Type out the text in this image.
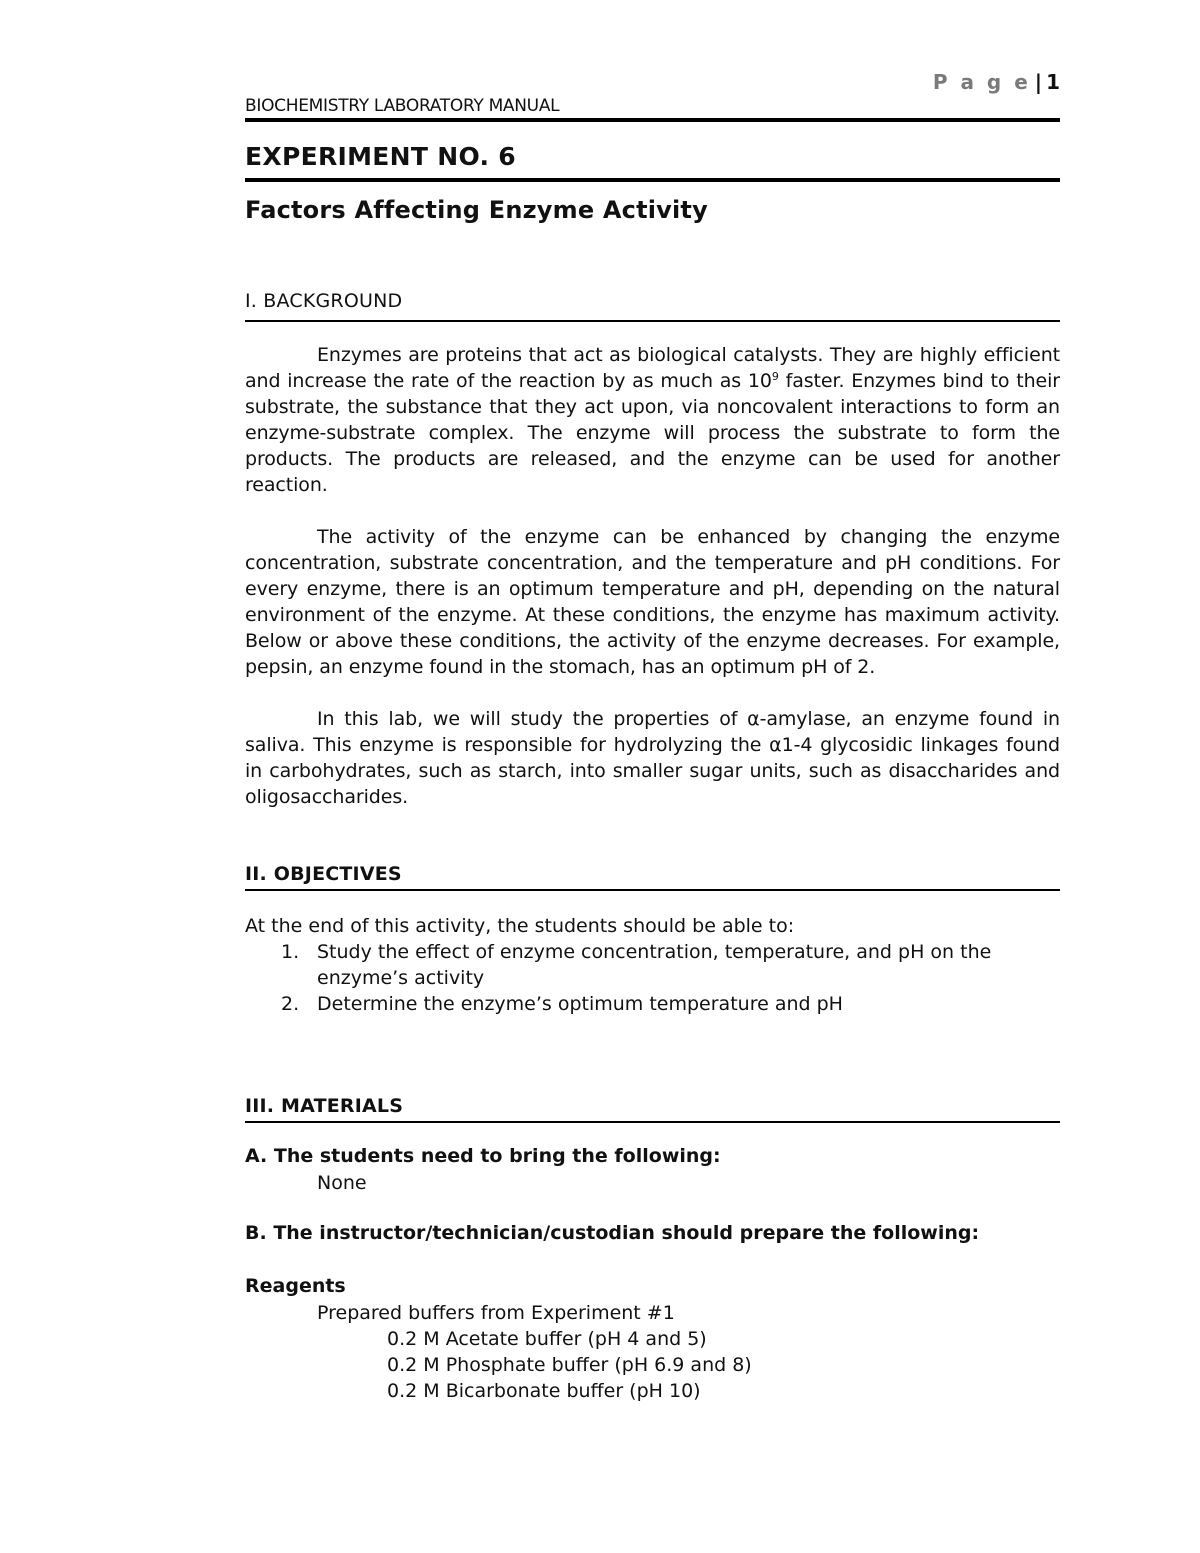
P a g e | 1
BIOCHEMISTRY LABORATORY MANUAL
EXPERIMENT NO. 6
Factors Affecting Enzyme Activity
I. BACKGROUND
Enzymes are proteins that act as biological catalysts. They are highly efficient and increase the rate of the reaction by as much as $10^9$ faster. Enzymes bind to their substrate, the substance that they act upon, via noncovalent interactions to form an enzyme-substrate complex. The enzyme will process the substrate to form the products. The products are released, and the enzyme can be used for another reaction.
The activity of the enzyme can be enhanced by changing the enzyme concentration, substrate concentration, and the temperature and pH conditions. For every enzyme, there is an optimum temperature and pH, depending on the natural environment of the enzyme. At these conditions, the enzyme has maximum activity. Below or above these conditions, the activity of the enzyme decreases. For example, pepsin, an enzyme found in the stomach, has an optimum pH of 2.
In this lab, we will study the properties of α-amylase, an enzyme found in saliva. This enzyme is responsible for hydrolyzing the α1-4 glycosidic linkages found in carbohydrates, such as starch, into smaller sugar units, such as disaccharides and oligosaccharides.
II. OBJECTIVES
At the end of this activity, the students should be able to:
1. Study the effect of enzyme concentration, temperature, and pH on the enzyme’s activity
2. Determine the enzyme’s optimum temperature and pH
III. MATERIALS
A. The students need to bring the following:
None
B. The instructor/technician/custodian should prepare the following:
Reagents
Prepared buffers from Experiment #1
0.2 M Acetate buffer (pH 4 and 5)
0.2 M Phosphate buffer (pH 6.9 and 8)
0.2 M Bicarbonate buffer (pH 10)
